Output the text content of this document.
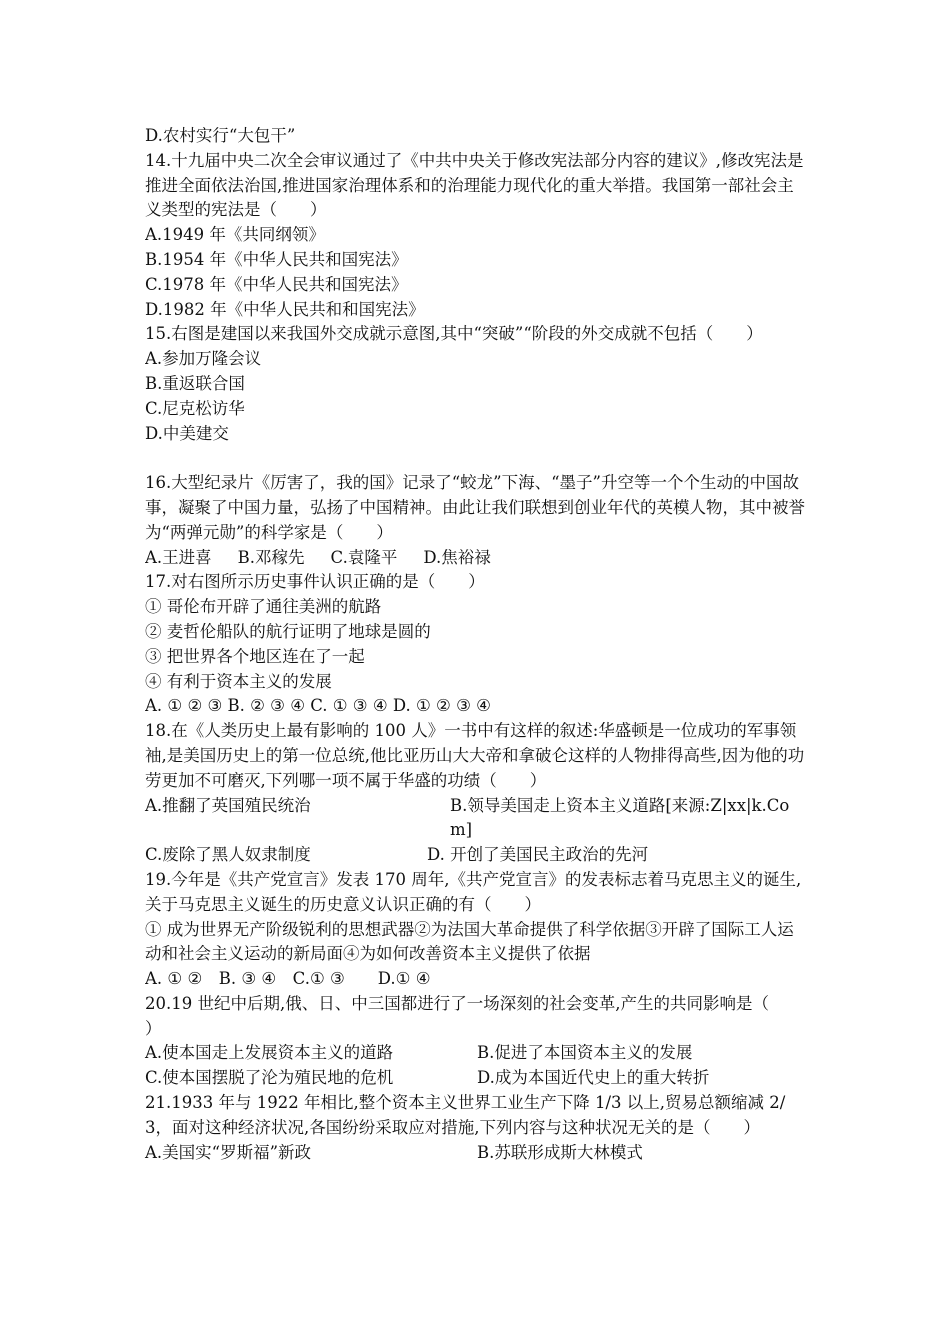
D.农村实行“大包干”
14.十九届中央二次全会审议通过了《中共中央关于修改宪法部分内容的建议》,修改宪法是推进全面依法治国,推进国家治理体系和的治理能力现代化的重大举措。我国第一部社会主义类型的宪法是（　　）
A.1949 年《共同纲领》
B.1954 年《中华人民共和国宪法》
C.1978 年《中华人民共和国宪法》
D.1982 年《中华人民共和和国宪法》
15.右图是建国以来我国外交成就示意图,其中“突破”“阶段的外交成就不包括（　　）
A.参加万隆会议
B.重返联合国
C.尼克松访华
D.中美建交
16.大型纪录片《厉害了，我的国》记录了“蛟龙”下海、“墨子”升空等一个个生动的中国故事，凝聚了中国力量，弘扬了中国精神。由此让我们联想到创业年代的英模人物，其中被誉为“两弹元勋”的科学家是（　　）
A.王进喜 B.邓稼先 C.袁隆平 D.焦裕禄
17.对右图所示历史事件认识正确的是（　　）
① 哥伦布开辟了通往美洲的航路
② 麦哲伦船队的航行证明了地球是圆的
③ 把世界各个地区连在了一起
④ 有利于资本主义的发展
A. ① ② ③ B. ② ③ ④ C. ① ③ ④ D. ① ② ③ ④
18.在《人类历史上最有影响的 100 人》一书中有这样的叙述:华盛顿是一位成功的军事领袖,是美国历史上的第一位总统,他比亚历山大大帝和拿破仑这样的人物排得高些,因为他的功劳更加不可磨灭,下列哪一项不属于华盛的功绩（　　）
A.推翻了英国殖民统治	B.领导美国走上资本主义道路[来源:Z|xx|k.Com]
C.废除了黑人奴隶制度	D. 开创了美国民主政治的先河
19.今年是《共产党宣言》发表 170 周年,《共产党宣言》的发表标志着马克思主义的诞生,关于马克思主义诞生的历史意义认识正确的有（　　）
① 成为世界无产阶级锐利的思想武器②为法国大革命提供了科学依据③开辟了国际工人运动和社会主义运动的新局面④为如何改善资本主义提供了依据
A. ① ②　B. ③ ④　C.① ③　　D.① ④
20.19 世纪中后期,俄、日、中三国都进行了一场深刻的社会变革,产生的共同影响是（　　）
A.使本国走上发展资本主义的道路	B.促进了本国资本主义的发展
C.使本国摆脱了沦为殖民地的危机	D.成为本国近代史上的重大转折
21.1933 年与 1922 年相比,整个资本主义世界工业生产下降 1/3 以上,贸易总额缩减 2/3，面对这种经济状况,各国纷纷采取应对措施,下列内容与这种状况无关的是（　　）
A.美国实“罗斯福”新政	B.苏联形成斯大林模式
